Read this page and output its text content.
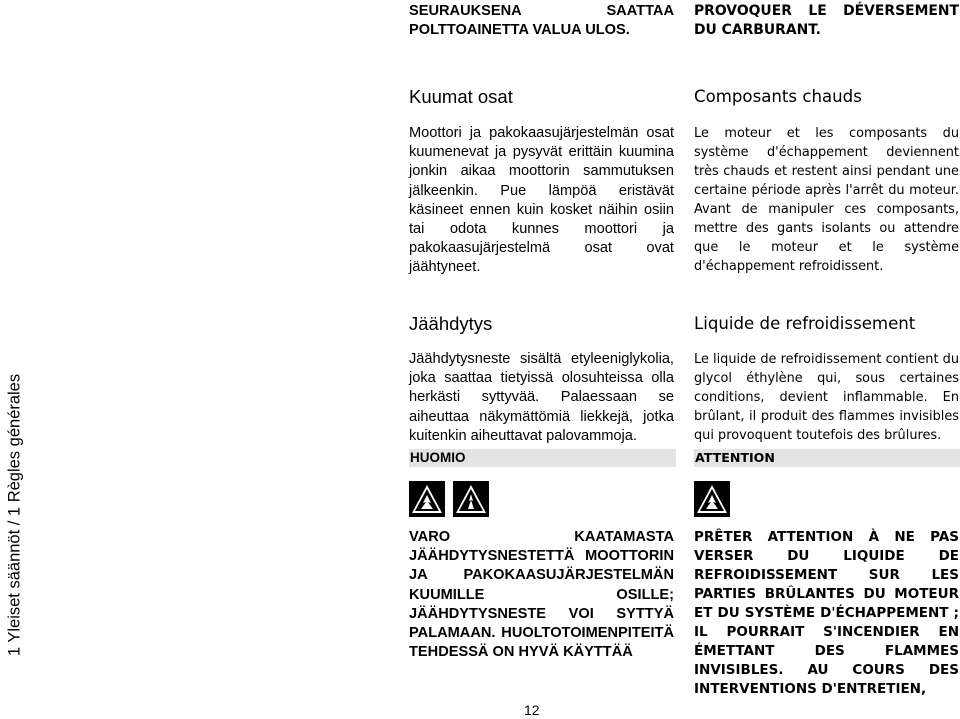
SEURAUKSENA SAATTAA POLTTOAINETTA VALUA ULOS.
PROVOQUER LE DÉVERSEMENT DU CARBURANT.
Kuumat osat	Composants chauds
Moottori ja pakokaasujärjestelmän osat kuumenevat ja pysyvät erittäin kuumina jonkin aikaa moottorin sammutuksen jälkeenkin. Pue lämpöä eristävät käsineet ennen kuin kosket näihin osiin tai odota kunnes moottori ja pakokaasujärjestelmä osat ovat jäähtyneet.
Le moteur et les composants du système d'échappement deviennent très chauds et restent ainsi pendant une certaine période après l'arrêt du moteur. Avant de manipuler ces composants, mettre des gants isolants ou attendre que le moteur et le système d'échappement refroidissent.
Jäähdytys	Liquide de refroidissement
Jäähdytysneste sisältä etyleeniglykolia, joka saattaa tietyissä olosuhteissa olla herkästi syttyvää. Palaessaan se aiheuttaa näkymättömiä liekkejä, jotka kuitenkin aiheuttavat palovammoja.
Le liquide de refroidissement contient du glycol éthylène qui, sous certaines conditions, devient inflammable. En brûlant, il produit des flammes invisibles qui provoquent toutefois des brûlures.
HUOMIO	ATTENTION
VARO KAATAMASTA JÄÄHDYTYSNESTETTÄ MOOTTORIN JA PAKOKAASUJÄRJESTELMÄN KUUMILLE OSILLE; JÄÄHDYTYSNESTE VOI SYTTYÄ PALAMAAN. HUOLTOTOIMENPITEITÄ TEHDESSÄ ON HYVÄ KÄYTTÄÄ
PRÊTER ATTENTION À NE PAS VERSER DU LIQUIDE DE REFROIDISSEMENT SUR LES PARTIES BRÛLANTES DU MOTEUR ET DU SYSTÈME D'ÉCHAPPEMENT ; IL POURRAIT S'INCENDIER EN ÉMETTANT DES FLAMMES INVISIBLES. AU COURS DES INTERVENTIONS D'ENTRETIEN,
1 Yleiset säännöt / 1 Règles générales
12
